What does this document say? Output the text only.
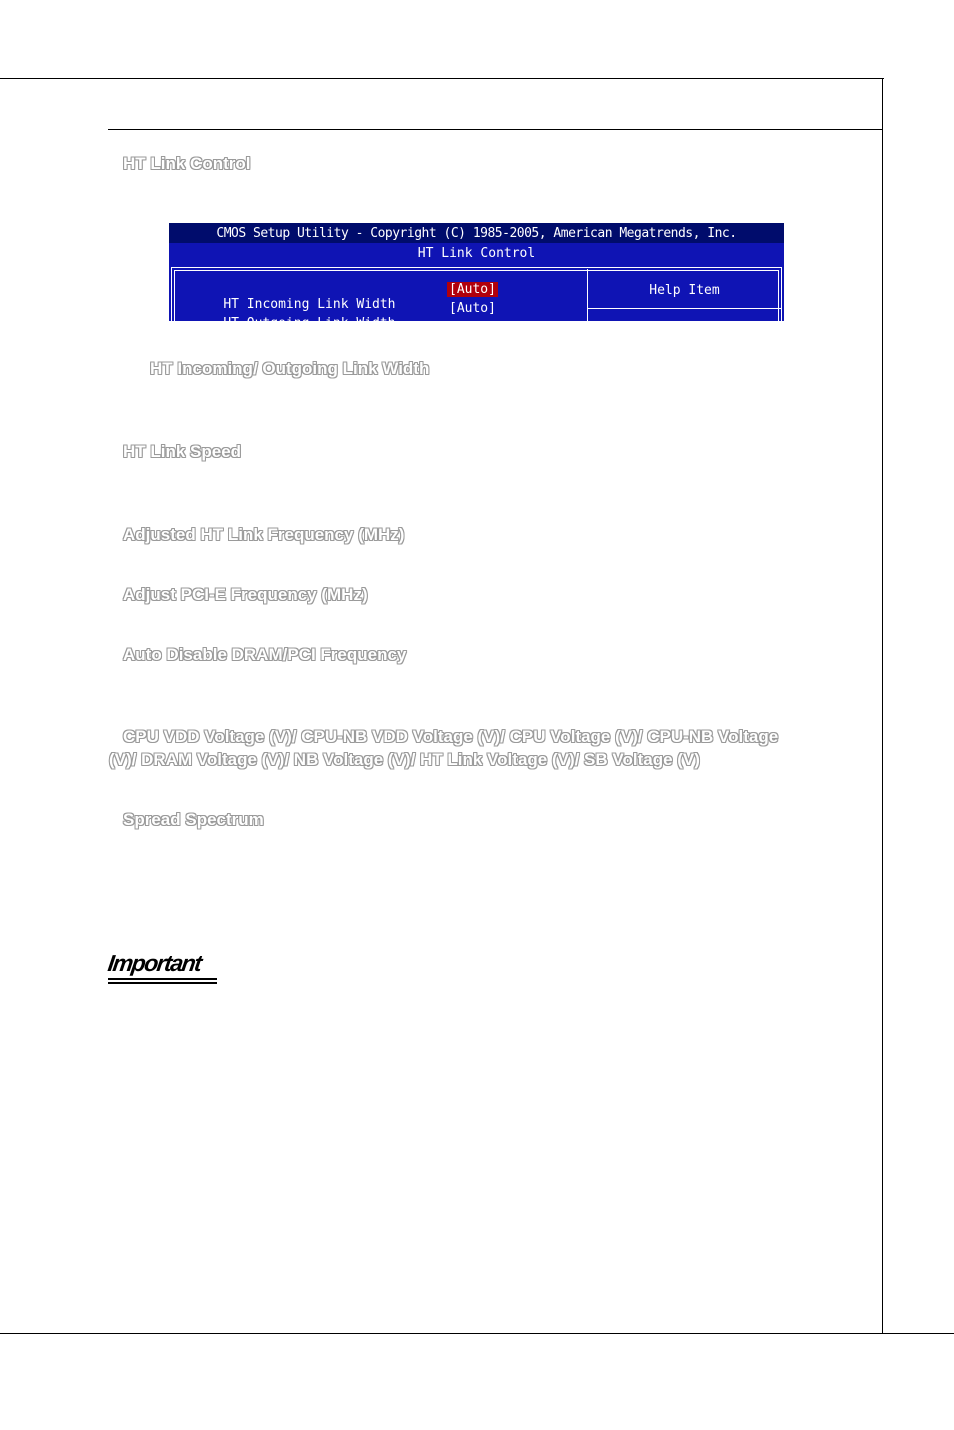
HT Link Control
CMOS Setup Utility - Copyright (C) 1985-2005, American Megatrends, Inc.
HT Link Control
Help Item

HT Incoming Link Width

[Auto]

HT Outgoing Link Width

[Auto]
HT Incoming/ Outgoing Link Width
HT Link Speed
Adjusted HT Link Frequency (MHz)
Adjust PCI-E Frequency (MHz)
Auto Disable DRAM/PCI Frequency
CPU VDD Voltage (V)/ CPU-NB VDD Voltage (V)/ CPU Voltage (V)/ CPU-NB Voltage
(V)/ DRAM Voltage (V)/ NB Voltage (V)/ HT Link Voltage (V)/ SB Voltage (V)
Spread Spectrum
Important
